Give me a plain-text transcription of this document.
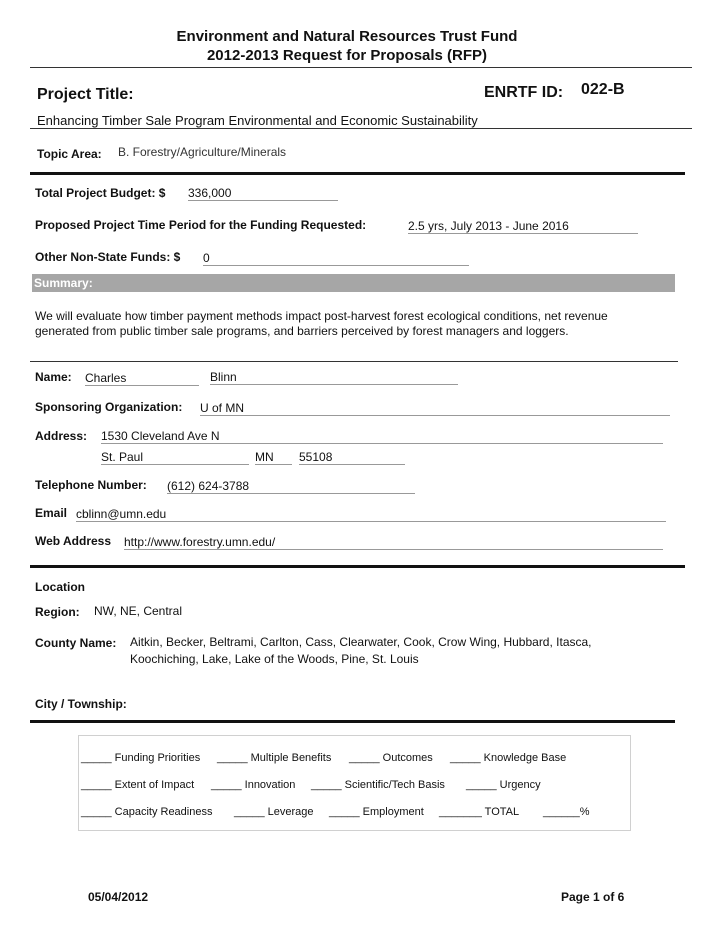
Environment and Natural Resources Trust Fund
2012-2013 Request for Proposals (RFP)
Project Title:	ENRTF ID: 022-B
Enhancing Timber Sale Program Environmental and Economic Sustainability
Topic Area: B. Forestry/Agriculture/Minerals
Total Project Budget: $ 336,000
Proposed Project Time Period for the Funding Requested:	2.5 yrs, July 2013 - June 2016
Other Non-State Funds: $ 0
Summary:
We will evaluate how timber payment methods impact post-harvest forest ecological conditions, net revenue generated from public timber sale programs, and barriers perceived by forest managers and loggers.
Name: Charles	Blinn
Sponsoring Organization: U of MN
Address: 1530 Cleveland Ave N
St. Paul	MN	55108
Telephone Number: (612) 624-3788
Email cblinn@umn.edu
Web Address http://www.forestry.umn.edu/
Location
Region: NW, NE, Central
County Name: Aitkin, Becker, Beltrami, Carlton, Cass, Clearwater, Cook, Crow Wing, Hubbard, Itasca,
Koochiching, Lake, Lake of the Woods, Pine, St. Louis
City / Township:
_____ Funding Priorities _____ Multiple Benefits _____ Outcomes _____ Knowledge Base
_____ Extent of Impact _____ Innovation _____ Scientific/Tech Basis _____ Urgency
_____ Capacity Readiness _____ Leverage _____ Employment _______ TOTAL ______%
05/04/2012	Page 1 of 6
